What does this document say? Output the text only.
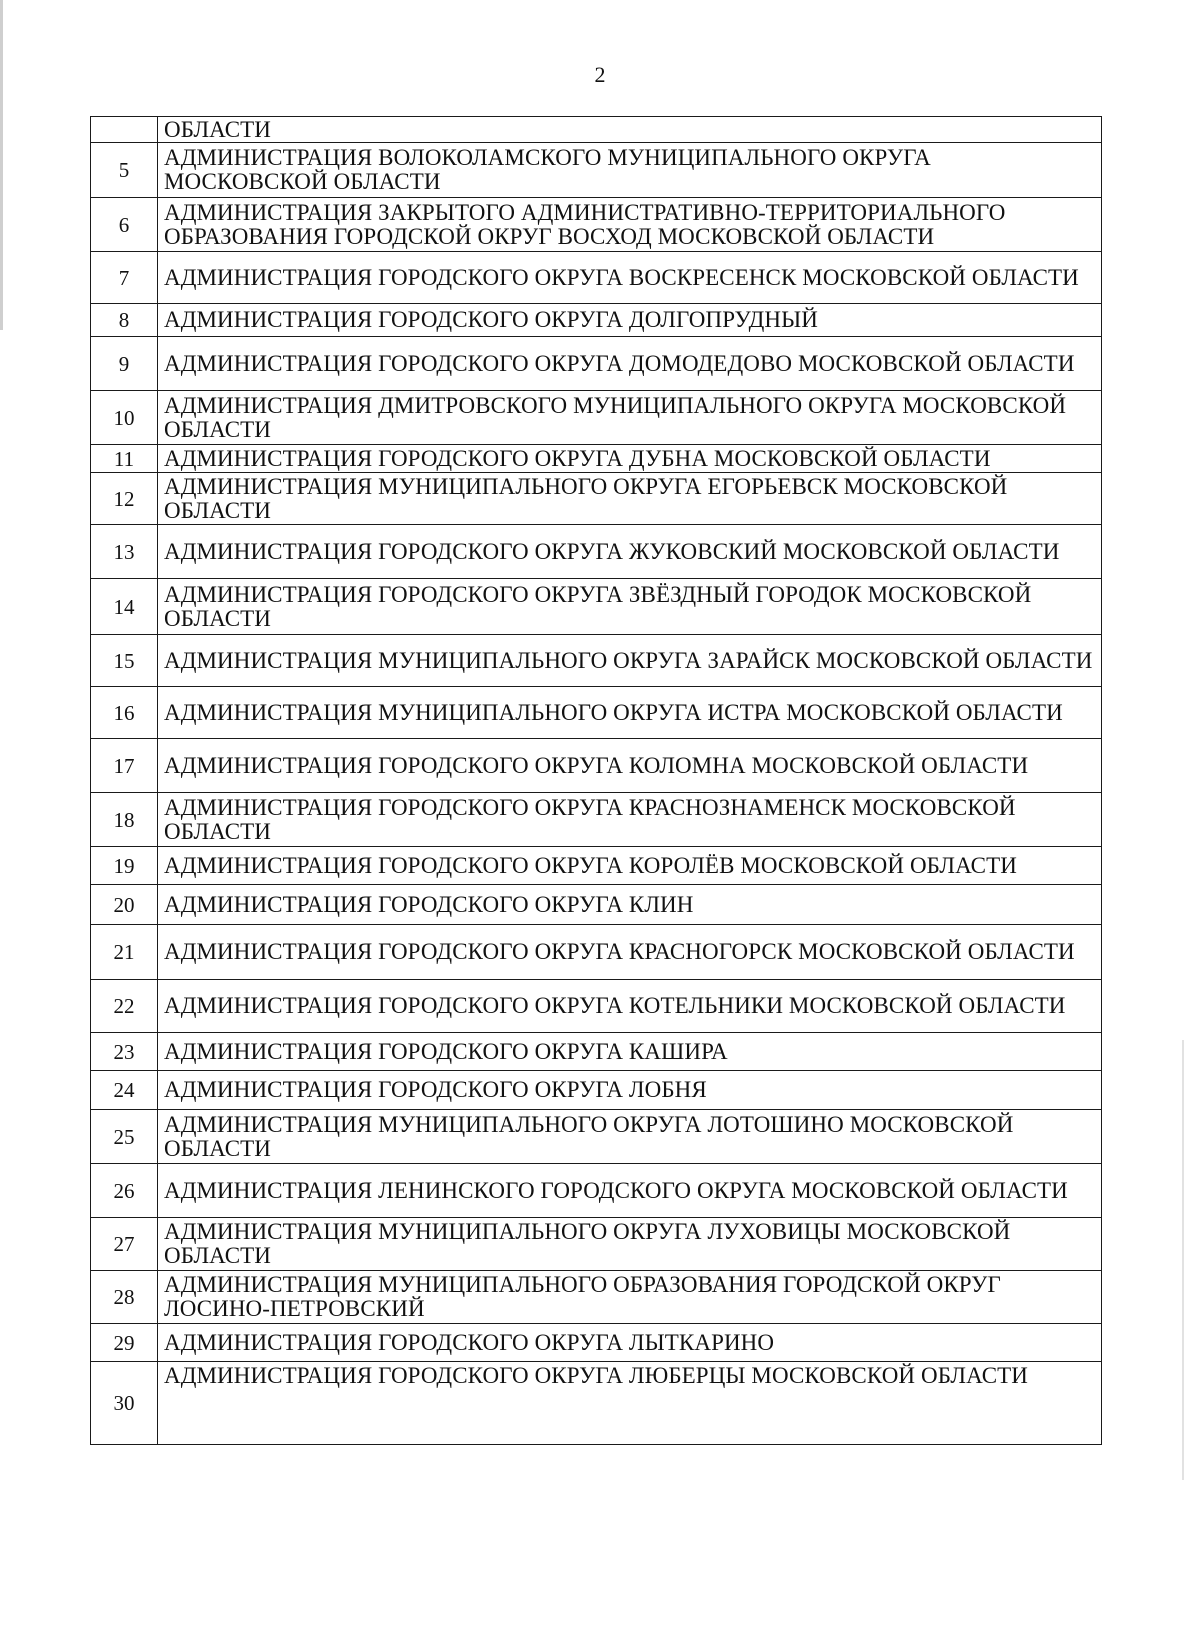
2
	ОБЛАСТИ
5	АДМИНИСТРАЦИЯ ВОЛОКОЛАМСКОГО МУНИЦИПАЛЬНОГО ОКРУГА МОСКОВСКОЙ ОБЛАСТИ
6	АДМИНИСТРАЦИЯ ЗАКРЫТОГО АДМИНИСТРАТИВНО-ТЕРРИТОРИАЛЬНОГО ОБРАЗОВАНИЯ ГОРОДСКОЙ ОКРУГ ВОСХОД МОСКОВСКОЙ ОБЛАСТИ
7	АДМИНИСТРАЦИЯ ГОРОДСКОГО ОКРУГА ВОСКРЕСЕНСК МОСКОВСКОЙ ОБЛАСТИ
8	АДМИНИСТРАЦИЯ ГОРОДСКОГО ОКРУГА ДОЛГОПРУДНЫЙ
9	АДМИНИСТРАЦИЯ ГОРОДСКОГО ОКРУГА ДОМОДЕДОВО МОСКОВСКОЙ ОБЛАСТИ
10	АДМИНИСТРАЦИЯ ДМИТРОВСКОГО МУНИЦИПАЛЬНОГО ОКРУГА МОСКОВСКОЙ ОБЛАСТИ
11	АДМИНИСТРАЦИЯ ГОРОДСКОГО ОКРУГА ДУБНА МОСКОВСКОЙ ОБЛАСТИ
12	АДМИНИСТРАЦИЯ МУНИЦИПАЛЬНОГО ОКРУГА ЕГОРЬЕВСК МОСКОВСКОЙ ОБЛАСТИ
13	АДМИНИСТРАЦИЯ ГОРОДСКОГО ОКРУГА ЖУКОВСКИЙ МОСКОВСКОЙ ОБЛАСТИ
14	АДМИНИСТРАЦИЯ ГОРОДСКОГО ОКРУГА ЗВЁЗДНЫЙ ГОРОДОК МОСКОВСКОЙ ОБЛАСТИ
15	АДМИНИСТРАЦИЯ МУНИЦИПАЛЬНОГО ОКРУГА ЗАРАЙСК МОСКОВСКОЙ ОБЛАСТИ
16	АДМИНИСТРАЦИЯ МУНИЦИПАЛЬНОГО ОКРУГА ИСТРА МОСКОВСКОЙ ОБЛАСТИ
17	АДМИНИСТРАЦИЯ ГОРОДСКОГО ОКРУГА КОЛОМНА МОСКОВСКОЙ ОБЛАСТИ
18	АДМИНИСТРАЦИЯ ГОРОДСКОГО ОКРУГА КРАСНОЗНАМЕНСК МОСКОВСКОЙ ОБЛАСТИ
19	АДМИНИСТРАЦИЯ ГОРОДСКОГО ОКРУГА КОРОЛЁВ МОСКОВСКОЙ ОБЛАСТИ
20	АДМИНИСТРАЦИЯ ГОРОДСКОГО ОКРУГА КЛИН
21	АДМИНИСТРАЦИЯ ГОРОДСКОГО ОКРУГА КРАСНОГОРСК МОСКОВСКОЙ ОБЛАСТИ
22	АДМИНИСТРАЦИЯ ГОРОДСКОГО ОКРУГА КОТЕЛЬНИКИ МОСКОВСКОЙ ОБЛАСТИ
23	АДМИНИСТРАЦИЯ ГОРОДСКОГО ОКРУГА КАШИРА
24	АДМИНИСТРАЦИЯ ГОРОДСКОГО ОКРУГА ЛОБНЯ
25	АДМИНИСТРАЦИЯ МУНИЦИПАЛЬНОГО ОКРУГА ЛОТОШИНО МОСКОВСКОЙ ОБЛАСТИ
26	АДМИНИСТРАЦИЯ ЛЕНИНСКОГО ГОРОДСКОГО ОКРУГА МОСКОВСКОЙ ОБЛАСТИ
27	АДМИНИСТРАЦИЯ МУНИЦИПАЛЬНОГО ОКРУГА ЛУХОВИЦЫ МОСКОВСКОЙ ОБЛАСТИ
28	АДМИНИСТРАЦИЯ МУНИЦИПАЛЬНОГО ОБРАЗОВАНИЯ ГОРОДСКОЙ ОКРУГ ЛОСИНО-ПЕТРОВСКИЙ
29	АДМИНИСТРАЦИЯ ГОРОДСКОГО ОКРУГА ЛЫТКАРИНО
30	АДМИНИСТРАЦИЯ ГОРОДСКОГО ОКРУГА ЛЮБЕРЦЫ МОСКОВСКОЙ ОБЛАСТИ
